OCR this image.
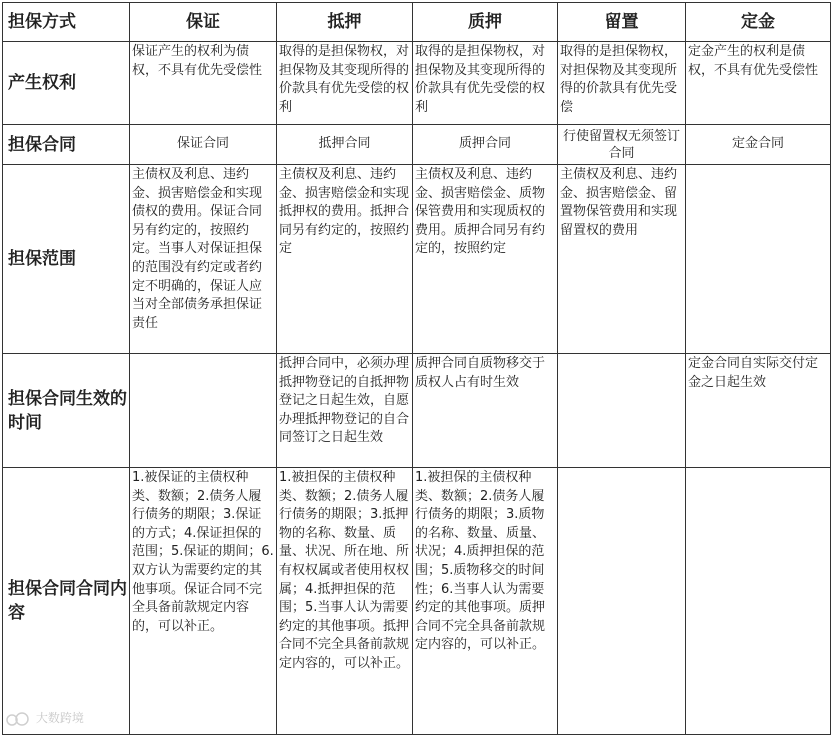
担保方式	保证	抵押	质押	留置	定金
产生权利	保证产生的权利为债权，不具有优先受偿性	取得的是担保物权，对担保物及其变现所得的价款具有优先受偿的权利	取得的是担保物权，对担保物及其变现所得的价款具有优先受偿的权利	取得的是担保物权，对担保物及其变现所得的价款具有优先受偿	定金产生的权利是债权，不具有优先受偿性
担保合同	保证合同	抵押合同	质押合同	行使留置权无须签订合同	定金合同
担保范围	主债权及利息、违约金、损害赔偿金和实现债权的费用。保证合同另有约定的，按照约定。当事人对保证担保的范围没有约定或者约定不明确的，保证人应当对全部债务承担保证责任	主债权及利息、违约金、损害赔偿金和实现抵押权的费用。抵押合同另有约定的，按照约定	主债权及利息、违约金、损害赔偿金、质物保管费用和实现质权的费用。质押合同另有约定的，按照约定	主债权及利息、违约金、损害赔偿金、留置物保管费用和实现留置权的费用	
担保合同生效的时间		抵押合同中，必须办理抵押物登记的自抵押物登记之日起生效，自愿办理抵押物登记的自合同签订之日起生效	质押合同自质物移交于质权人占有时生效		定金合同自实际交付定金之日起生效
担保合同合同内容	1.被保证的主债权种类、数额；2.债务人履行债务的期限；3.保证的方式；4.保证担保的范围；5.保证的期间；6.双方认为需要约定的其他事项。保证合同不完全具备前款规定内容的，可以补正。	1.被担保的主债权种类、数额；2.债务人履行债务的期限；3.抵押物的名称、数量、质量、状况、所在地、所有权权属或者使用权权属；4.抵押担保的范围；5.当事人认为需要约定的其他事项。抵押合同不完全具备前款规定内容的，可以补正。	1.被担保的主债权种类、数额；2.债务人履行债务的期限；3.质物的名称、数量、质量、状况；4.质押担保的范围；5.质物移交的时间性；6.当事人认为需要约定的其他事项。质押合同不完全具备前款规定内容的，可以补正。		
大数跨境
